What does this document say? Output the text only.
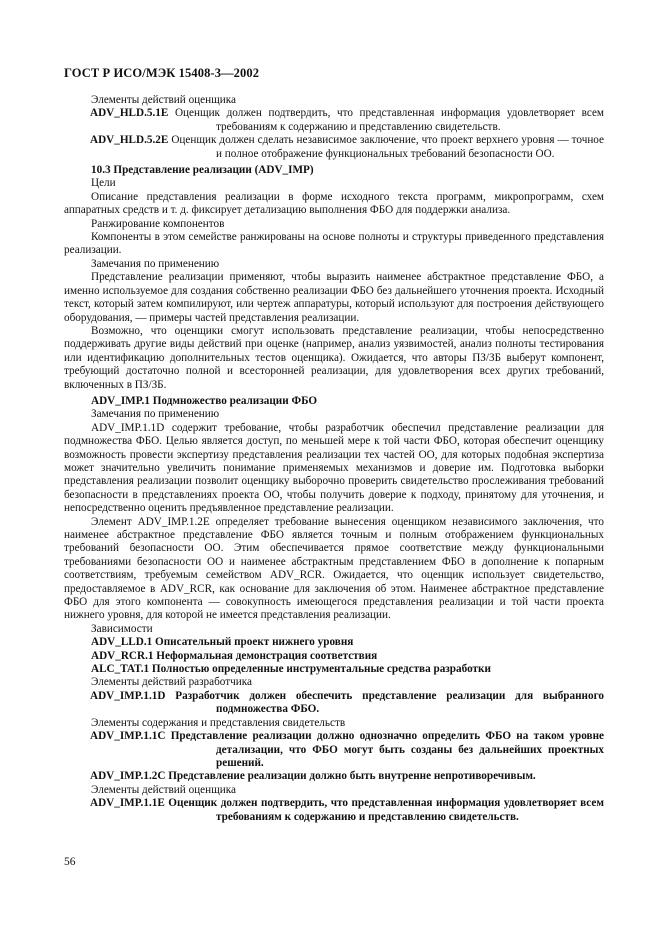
ГОСТ Р ИСО/МЭК 15408-3—2002

Элементы действий оценщика

ADV_HLD.5.1E Оценщик должен подтвердить, что представленная информация удовлетворяет всем требованиям к содержанию и представлению свидетельств.

ADV_HLD.5.2E Оценщик должен сделать независимое заключение, что проект верхнего уровня — точное и полное отображение функциональных требований безопасности ОО.

10.3 Представление реализации (ADV_IMP)

Цели

Описание представления реализации в форме исходного текста программ, микропрограмм, схем аппаратных средств и т. д. фиксирует детализацию выполнения ФБО для поддержки анализа.

Ранжирование компонентов

Компоненты в этом семействе ранжированы на основе полноты и структуры приведенного представления реализации.

Замечания по применению

Представление реализации применяют, чтобы выразить наименее абстрактное представление ФБО, а именно используемое для создания собственно реализации ФБО без дальнейшего уточнения проекта. Исходный текст, который затем компилируют, или чертеж аппаратуры, который используют для построения действующего оборудования, — примеры частей представления реализации.

Возможно, что оценщики смогут использовать представление реализации, чтобы непосредственно поддерживать другие виды действий при оценке (например, анализ уязвимостей, анализ полноты тестирования или идентификацию дополнительных тестов оценщика). Ожидается, что авторы ПЗ/ЗБ выберут компонент, требующий достаточно полной и всесторонней реализации, для удовлетворения всех других требований, включенных в ПЗ/ЗБ.

ADV_IMP.1 Подмножество реализации ФБО

Замечания по применению

ADV_IMP.1.1D содержит требование, чтобы разработчик обеспечил представление реализации для подмножества ФБО. Целью является доступ, по меньшей мере к той части ФБО, которая обеспечит оценщику возможность провести экспертизу представления реализации тех частей ОО, для которых подобная экспертиза может значительно увеличить понимание применяемых механизмов и доверие им. Подготовка выборки представления реализации позволит оценщику выборочно проверить свидетельство прослеживания требований безопасности в представлениях проекта ОО, чтобы получить доверие к подходу, принятому для уточнения, и непосредственно оценить предъявленное представление реализации.

Элемент ADV_IMP.1.2E определяет требование вынесения оценщиком независимого заключения, что наименее абстрактное представление ФБО является точным и полным отображением функциональных требований безопасности ОО. Этим обеспечивается прямое соответствие между функциональными требованиями безопасности ОО и наименее абстрактным представлением ФБО в дополнение к попарным соответствиям, требуемым семейством ADV_RCR. Ожидается, что оценщик использует свидетельство, предоставляемое в ADV_RCR, как основание для заключения об этом. Наименее абстрактное представление ФБО для этого компонента — совокупность имеющегося представления реализации и той части проекта нижнего уровня, для которой не имеется представления реализации.

Зависимости

ADV_LLD.1 Описательный проект нижнего уровня

ADV_RCR.1 Неформальная демонстрация соответствия

ALC_TAT.1 Полностью определенные инструментальные средства разработки

Элементы действий разработчика

ADV_IMP.1.1D Разработчик должен обеспечить представление реализации для выбранного подмножества ФБО.

Элементы содержания и представления свидетельств

ADV_IMP.1.1C Представление реализации должно однозначно определить ФБО на таком уровне детализации, что ФБО могут быть созданы без дальнейших проектных решений.

ADV_IMP.1.2C Представление реализации должно быть внутренне непротиворечивым.

Элементы действий оценщика

ADV_IMP.1.1E Оценщик должен подтвердить, что представленная информация удовлетворяет всем требованиям к содержанию и представлению свидетельств.

56
